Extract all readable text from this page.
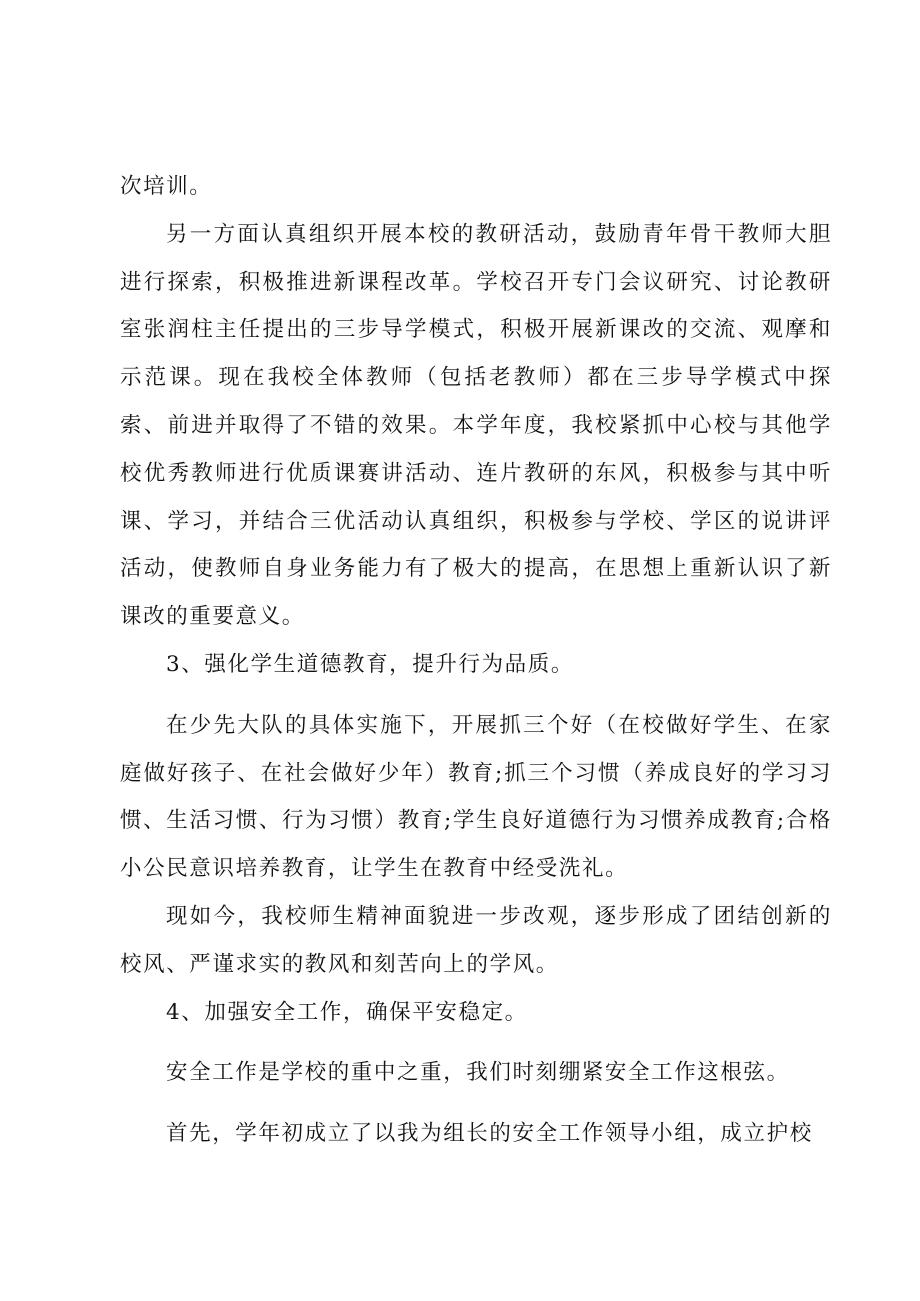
次培训。

另一方面认真组织开展本校的教研活动，鼓励青年骨干教师大胆进行探索，积极推进新课程改革。学校召开专门会议研究、讨论教研室张润柱主任提出的三步导学模式，积极开展新课改的交流、观摩和示范课。现在我校全体教师（包括老教师）都在三步导学模式中探索、前进并取得了不错的效果。本学年度，我校紧抓中心校与其他学校优秀教师进行优质课赛讲活动、连片教研的东风，积极参与其中听课、学习，并结合三优活动认真组织，积极参与学校、学区的说讲评活动，使教师自身业务能力有了极大的提高，在思想上重新认识了新课改的重要意义。

3、强化学生道德教育，提升行为品质。

在少先大队的具体实施下，开展抓三个好（在校做好学生、在家庭做好孩子、在社会做好少年）教育;抓三个习惯（养成良好的学习习惯、生活习惯、行为习惯）教育;学生良好道德行为习惯养成教育;合格小公民意识培养教育，让学生在教育中经受洗礼。

现如今，我校师生精神面貌进一步改观，逐步形成了团结创新的校风、严谨求实的教风和刻苦向上的学风。

4、加强安全工作，确保平安稳定。

安全工作是学校的重中之重，我们时刻绷紧安全工作这根弦。

首先，学年初成立了以我为组长的安全工作领导小组，成立护校
